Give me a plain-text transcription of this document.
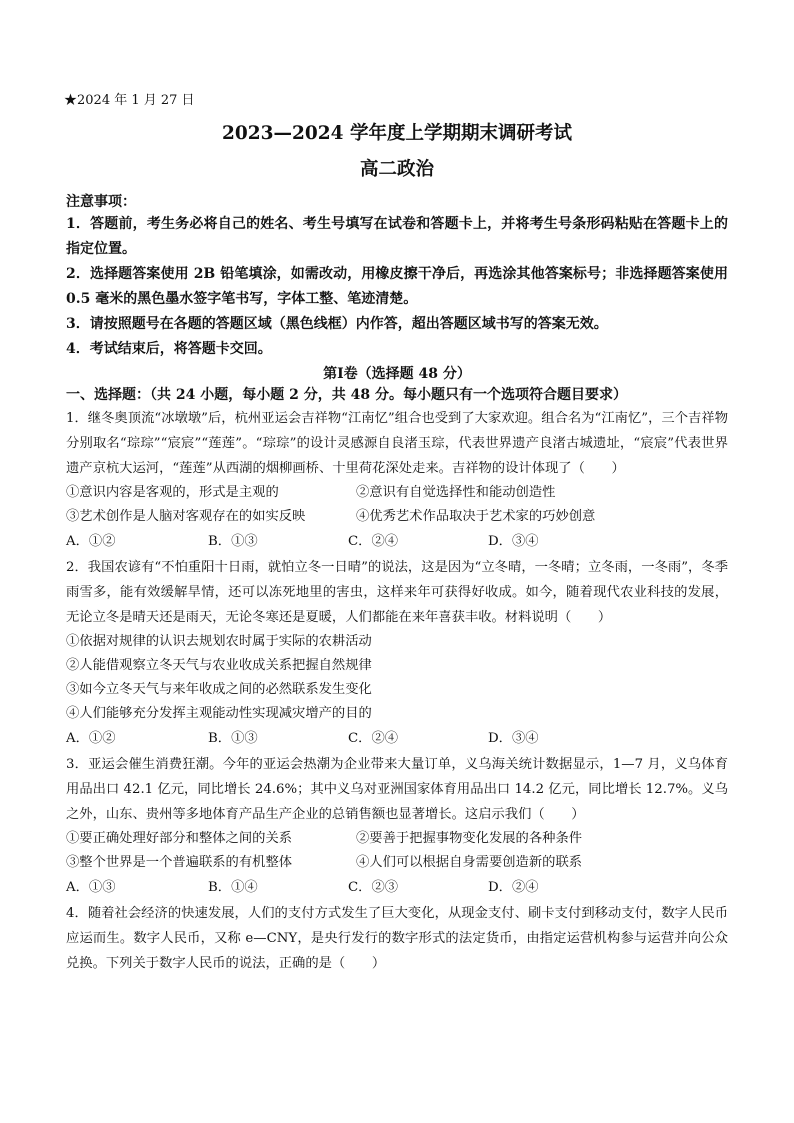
★2024 年 1 月 27 日
2023—2024 学年度上学期期末调研考试
高二政治
注意事项：
1．答题前，考生务必将自己的姓名、考生号填写在试卷和答题卡上，并将考生号条形码粘贴在答题卡上的指定位置。
2．选择题答案使用 2B 铅笔填涂，如需改动，用橡皮擦干净后，再选涂其他答案标号；非选择题答案使用 0.5 毫米的黑色墨水签字笔书写，字体工整、笔迹清楚。
3．请按照题号在各题的答题区域（黑色线框）内作答，超出答题区域书写的答案无效。
4．考试结束后，将答题卡交回。
第Ⅰ卷（选择题 48 分）
一、选择题：（共 24 小题，每小题 2 分，共 48 分。每小题只有一个选项符合题目要求）
1．继冬奥顶流“冰墩墩”后，杭州亚运会吉祥物“江南忆”组合也受到了大家欢迎。组合名为“江南忆”，三个吉祥物分别取名“琮琮”“宸宸”“莲莲”。“琮琮”的设计灵感源自良渚玉琮，代表世界遗产良渚古城遗址，“宸宸”代表世界遗产京杭大运河，“莲莲”从西湖的烟柳画桥、十里荷花深处走来。吉祥物的设计体现了（　　）
①意识内容是客观的，形式是主观的	②意识有自觉选择性和能动创造性
③艺术创作是人脑对客观存在的如实反映	④优秀艺术作品取决于艺术家的巧妙创意
A．①②	B．①③	C．②④	D．③④
2．我国农谚有“不怕重阳十日雨，就怕立冬一日晴”的说法，这是因为“立冬晴，一冬晴；立冬雨，一冬雨”，冬季雨雪多，能有效缓解旱情，还可以冻死地里的害虫，这样来年可获得好收成。如今，随着现代农业科技的发展，无论立冬是晴天还是雨天，无论冬寒还是夏暖，人们都能在来年喜获丰收。材料说明（　　）
①依据对规律的认识去规划农时属于实际的农耕活动
②人能借观察立冬天气与农业收成关系把握自然规律
③如今立冬天气与来年收成之间的必然联系发生变化
④人们能够充分发挥主观能动性实现减灾增产的目的
A．①②	B．①③	C．②④	D．③④
3．亚运会催生消费狂潮。今年的亚运会热潮为企业带来大量订单，义乌海关统计数据显示，1—7 月，义乌体育用品出口 42.1 亿元，同比增长 24.6%；其中义乌对亚洲国家体育用品出口 14.2 亿元，同比增长 12.7%。义乌之外，山东、贵州等多地体育产品生产企业的总销售额也显著增长。这启示我们（　　）
①要正确处理好部分和整体之间的关系	②要善于把握事物变化发展的各种条件
③整个世界是一个普遍联系的有机整体	④人们可以根据自身需要创造新的联系
A．①③	B．①④	C．②③	D．②④
4．随着社会经济的快速发展，人们的支付方式发生了巨大变化，从现金支付、刷卡支付到移动支付，数字人民币应运而生。数字人民币，又称 e—CNY，是央行发行的数字形式的法定货币，由指定运营机构参与运营并向公众兑换。下列关于数字人民币的说法，正确的是（　　）
